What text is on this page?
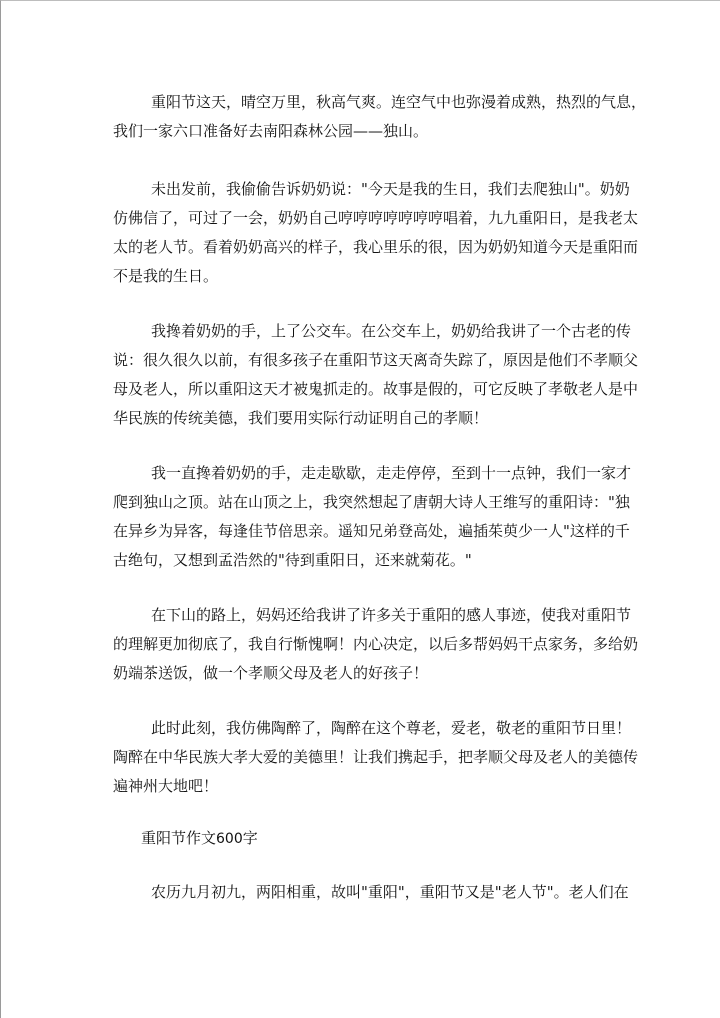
重阳节这天，晴空万里，秋高气爽。连空气中也弥漫着成熟，热烈的气息，
我们一家六口准备好去南阳森林公园——独山。

未出发前，我偷偷告诉奶奶说："今天是我的生日，我们去爬独山"。奶奶
仿佛信了，可过了一会，奶奶自己哼哼哼哼哼哼哼唱着，九九重阳日，是我老太
太的老人节。看着奶奶高兴的样子，我心里乐的很，因为奶奶知道今天是重阳而
不是我的生日。

我搀着奶奶的手，上了公交车。在公交车上，奶奶给我讲了一个古老的传
说：很久很久以前，有很多孩子在重阳节这天离奇失踪了，原因是他们不孝顺父
母及老人，所以重阳这天才被鬼抓走的。故事是假的，可它反映了孝敬老人是中
华民族的传统美德，我们要用实际行动证明自己的孝顺！

我一直搀着奶奶的手，走走歇歇，走走停停，至到十一点钟，我们一家才
爬到独山之顶。站在山顶之上，我突然想起了唐朝大诗人王维写的重阳诗："独
在异乡为异客，每逢佳节倍思亲。遥知兄弟登高处，遍插茱萸少一人"这样的千
古绝句，又想到孟浩然的"待到重阳日，还来就菊花。"

在下山的路上，妈妈还给我讲了许多关于重阳的感人事迹，使我对重阳节
的理解更加彻底了，我自行惭愧啊！内心决定，以后多帮妈妈干点家务，多给奶
奶端茶送饭，做一个孝顺父母及老人的好孩子！

此时此刻，我仿佛陶醉了，陶醉在这个尊老，爱老，敬老的重阳节日里！
陶醉在中华民族大孝大爱的美德里！让我们携起手，把孝顺父母及老人的美德传
遍神州大地吧！

重阳节作文600字

农历九月初九，两阳相重，故叫"重阳"，重阳节又是"老人节"。老人们在
